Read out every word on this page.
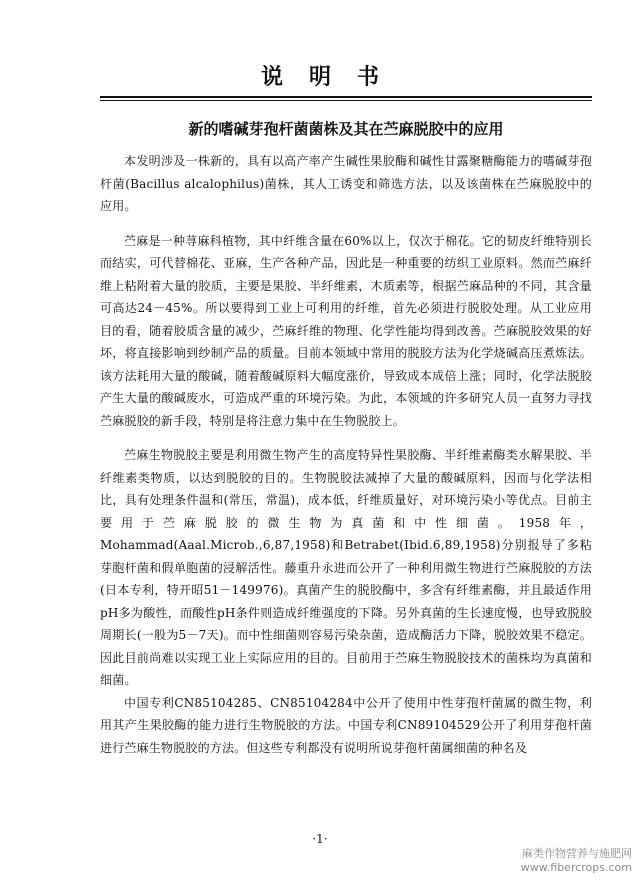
说明书
新的嗜碱芽孢杆菌菌株及其在苎麻脱胶中的应用

本发明涉及一株新的，具有以高产率产生碱性果胶酶和碱性甘露聚糖酶能力的嗜碱芽孢杆菌(Bacillus alcalophilus)菌株，其人工诱变和筛选方法，以及该菌株在苎麻脱胶中的应用。

苎麻是一种荨麻科植物，其中纤维含量在60%以上，仅次于棉花。它的韧皮纤维特别长而结实，可代替棉花、亚麻，生产各种产品，因此是一种重要的纺织工业原料。然而苎麻纤维上粘附着大量的胶质，主要是果胶、半纤维素，木质素等，根据苎麻品种的不同，其含量可高达24－45%。所以要得到工业上可利用的纤维，首先必须进行脱胶处理。从工业应用目的看，随着胶质含量的减少，苎麻纤维的物理、化学性能均得到改善。苎麻脱胶效果的好坏，将直接影响到纱制产品的质量。目前本领域中常用的脱胶方法为化学烧碱高压煮炼法。该方法耗用大量的酸碱，随着酸碱原料大幅度涨价，导致成本成倍上涨；同时，化学法脱胶产生大量的酸碱废水，可造成严重的环境污染。为此，本领域的许多研究人员一直努力寻找苎麻脱胶的新手段，特别是将注意力集中在生物脱胶上。

苎麻生物脱胶主要是利用微生物产生的高度特异性果胶酶、半纤维素酶类水解果胶、半纤维素类物质，以达到脱胶的目的。生物脱胶法减掉了大量的酸碱原料，因而与化学法相比，具有处理条件温和(常压，常温)，成本低，纤维质量好，对环境污染小等优点。目前主要用于苎麻脱胶的微生物为真菌和中性细菌。1958年，Mohammad(Aaal.Microb.,6,87,1958)和Betrabet(Ibid.6,89,1958)分别报导了多粘芽胞杆菌和假单胞菌的浸解活性。藤重升永进而公开了一种利用微生物进行苎麻脱胶的方法(日本专利，特开昭51－149976)。真菌产生的脱胶酶中，多含有纤维素酶，并且最适作用pH多为酸性，而酸性pH条件则造成纤维强度的下降。另外真菌的生长速度慢，也导致脱胶周期长(一般为5－7天)。而中性细菌则容易污染杂菌，造成酶活力下降，脱胶效果不稳定。因此目前尚难以实现工业上实际应用的目的。目前用于苎麻生物脱胶技术的菌株均为真菌和细菌。

中国专利CN85104285、CN85104284中公开了使用中性芽孢杆菌属的微生物，利用其产生果胶酶的能力进行生物脱胶的方法。中国专利CN89104529公开了利用芽孢杆菌进行苎麻生物脱胶的方法。但这些专利都没有说明所说芽孢杆菌属细菌的种名及

·1·
麻类作物营养与施肥网
www.fibercrops.com
